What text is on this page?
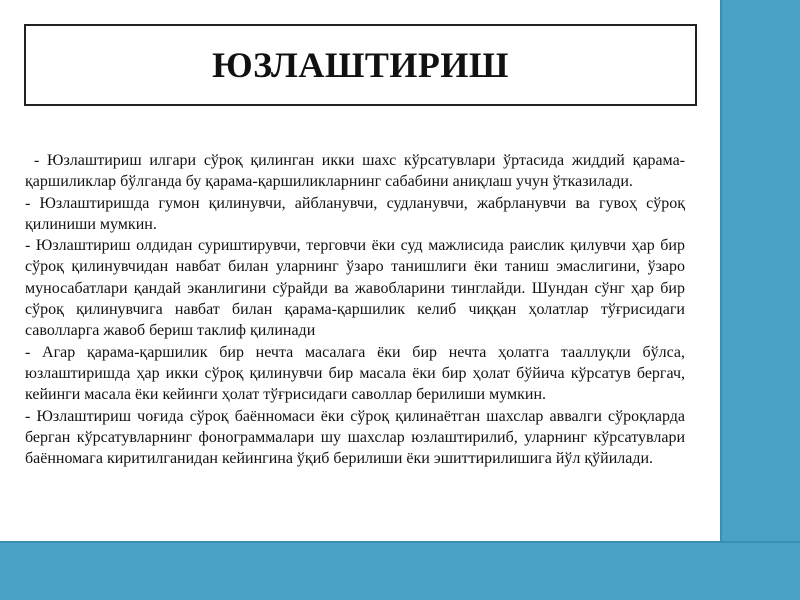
ЮЗЛАШТИРИШ

- Юзлаштириш илгари сўроқ қилинган икки шахс кўрсатувлари ўртасида жиддий қарама-қаршиликлар бўлганда бу қарама-қаршиликларнинг сабабини аниқлаш учун ўтказилади.

- Юзлаштиришда гумон қилинувчи, айбланувчи, судланувчи, жабрланувчи ва гувоҳ сўроқ қилиниши мумкин.

- Юзлаштириш олдидан суриштирувчи, терговчи ёки суд мажлисида раислик қилувчи ҳар бир сўроқ қилинувчидан навбат билан уларнинг ўзаро танишлиги ёки таниш эмаслигини, ўзаро муносабатлари қандай эканлигини сўрайди ва жавобларини тинглайди. Шундан сўнг ҳар бир сўроқ қилинувчига навбат билан қарама-қаршилик келиб чиққан ҳолатлар тўғрисидаги саволларга жавоб бериш таклиф қилинади

- Агар қарама-қаршилик бир нечта масалага ёки бир нечта ҳолатга тааллуқли бўлса, юзлаштиришда ҳар икки сўроқ қилинувчи бир масала ёки бир ҳолат бўйича кўрсатув бергач, кейинги масала ёки кейинги ҳолат тўғрисидаги саволлар берилиши мумкин.

- Юзлаштириш чоғида сўроқ баённомаси ёки сўроқ қилинаётган шахслар аввалги сўроқларда берган кўрсатувларнинг фонограммалари шу шахслар юзлаштирилиб, уларнинг кўрсатувлари баённомага киритилганидан кейингина ўқиб берилиши ёки эшиттирилишига йўл қўйилади.
